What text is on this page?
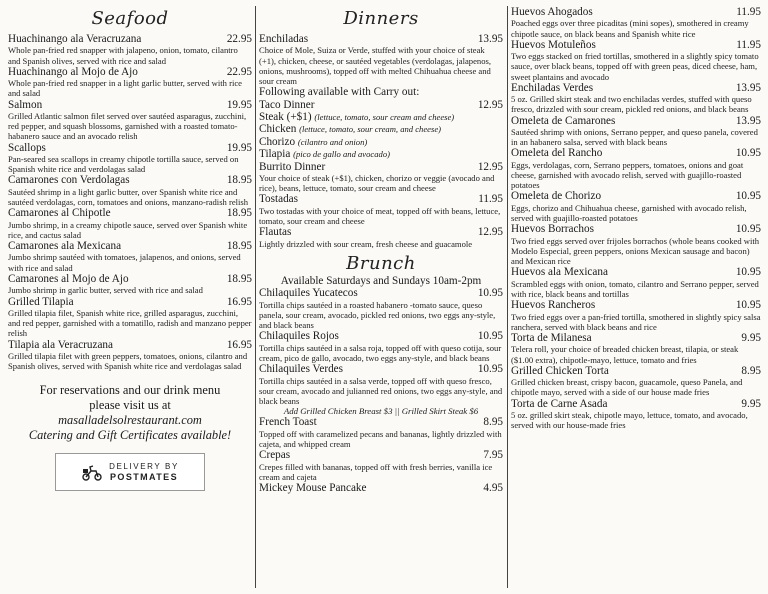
Seafood
Huachinango ala Veracruzana	22.95
Whole pan-fried red snapper with jalapeno, onion, tomato, cilantro and Spanish olives, served with rice and salad
Huachinango al Mojo de Ajo	22.95
Whole pan-fried red snapper in a light garlic butter, served with rice and salad
Salmon	19.95
Grilled Atlantic salmon filet served over sautéed asparagus, zucchini, red pepper, and squash blossoms, garnished with a roasted tomato-habanero sauce and an avocado relish
Scallops	19.95
Pan-seared sea scallops in creamy chipotle tortilla sauce, served on Spanish white rice and verdolagas salad
Camarones con Verdolagas	18.95
Sautéed shrimp in a light garlic butter, over Spanish white rice and sautéed verdolagas, corn, tomatoes and onions, manzano-radish relish
Camarones al Chipotle	18.95
Jumbo shrimp, in a creamy chipotle sauce, served over Spanish white rice, and cactus salad
Camarones ala Mexicana	18.95
Jumbo shrimp sautéed with tomatoes, jalapenos, and onions, served with rice and salad
Camarones al Mojo de Ajo	18.95
Jumbo shrimp in garlic butter, served with rice and salad
Grilled Tilapia	16.95
Grilled tilapia filet, Spanish white rice, grilled asparagus, zucchini, and red pepper, garnished with a tomatillo, radish and manzano pepper relish
Tilapia ala Veracruzana	16.95
Grilled tilapia filet with green peppers, tomatoes, onions, cilantro and Spanish olives, served with Spanish white rice and verdolagas salad
For reservations and our drink menu
please visit us at
masalladelsolrestaurant.com
Catering and Gift Certificates available!
DELIVERY BY
POSTMATES
Dinners
Enchiladas	13.95
Choice of Mole, Suiza or Verde, stuffed with your choice of steak (+1), chicken, cheese, or sautéed vegetables (verdolagas, jalapenos, onions, mushrooms), topped off with melted Chihuahua cheese and sour cream
Following available with Carry out:
Taco Dinner	12.95
Steak (+$1) (lettuce, tomato, sour cream and cheese)
Chicken (lettuce, tomato, sour cream, and cheese)
Chorizo (cilantro and onion)
Tilapia (pico de gallo and avocado)
Burrito Dinner	12.95
Your choice of steak (+$1), chicken, chorizo or veggie (avocado and rice), beans, lettuce, tomato, sour cream and cheese
Tostadas	11.95
Two tostadas with your choice of meat, topped off with beans, lettuce, tomato, sour cream and cheese
Flautas	12.95
Lightly drizzled with sour cream, fresh cheese and guacamole
Brunch
Available Saturdays and Sundays 10am-2pm
Chilaquiles Yucatecos	10.95
Tortilla chips sautéed in a roasted habanero -tomato sauce, queso panela, sour cream, avocado, pickled red onions, two eggs any-style, and black beans
Chilaquiles Rojos	10.95
Tortilla chips sautéed in a salsa roja, topped off with queso cotija, sour cream, pico de gallo, avocado, two eggs any-style, and black beans
Chilaquiles Verdes	10.95
Tortilla chips sautéed in a salsa verde, topped off with queso fresco, sour cream, avocado and julianned red onions, two eggs any-style, and black beans
Add Grilled Chicken Breast $3 || Grilled Skirt Steak $6
French Toast	8.95
Topped off with caramelized pecans and bananas, lightly drizzled with cajeta, and whipped cream
Crepas	7.95
Crepes filled with bananas, topped off with fresh berries, vanilla ice cream and cajeta
Mickey Mouse Pancake	4.95
Huevos Ahogados	11.95
Poached eggs over three picaditas (mini sopes), smothered in creamy chipotle sauce, on black beans and Spanish white rice
Huevos Motuleños	11.95
Two eggs stacked on fried tortillas, smothered in a slightly spicy tomato sauce, over black beans, topped off with green peas, diced cheese, ham, sweet plantains and avocado
Enchiladas Verdes	13.95
5 oz. Grilled skirt steak and two enchiladas verdes, stuffed with queso fresco, drizzled with sour cream, pickled red onions, and black beans
Omeleta de Camarones	13.95
Sautéed shrimp with onions, Serrano pepper, and queso panela, covered in an habanero salsa, served with black beans
Omeleta del Rancho	10.95
Eggs, verdolagas, corn, Serrano peppers, tomatoes, onions and goat cheese, garnished with avocado relish, served with guajillo-roasted potatoes
Omeleta de Chorizo	10.95
Eggs, chorizo and Chihuahua cheese, garnished with avocado relish, served with guajillo-roasted potatoes
Huevos Borrachos	10.95
Two fried eggs served over frijoles borrachos (whole beans cooked with Modelo Especial, green peppers, onions Mexican sausage and bacon) and Mexican rice
Huevos ala Mexicana	10.95
Scrambled eggs with onion, tomato, cilantro and Serrano pepper, served with rice, black beans and tortillas
Huevos Rancheros	10.95
Two fried eggs over a pan-fried tortilla, smothered in slightly spicy salsa ranchera, served with black beans and rice
Torta de Milanesa	9.95
Telera roll, your choice of breaded chicken breast, tilapia, or steak ($1.00 extra), chipotle-mayo, lettuce, tomato and fries
Grilled Chicken Torta	8.95
Grilled chicken breast, crispy bacon, guacamole, queso Panela, and chipotle mayo, served with a side of our house made fries
Torta de Carne Asada	9.95
5 oz. grilled skirt steak, chipotle mayo, lettuce, tomato, and avocado, served with our house-made fries
